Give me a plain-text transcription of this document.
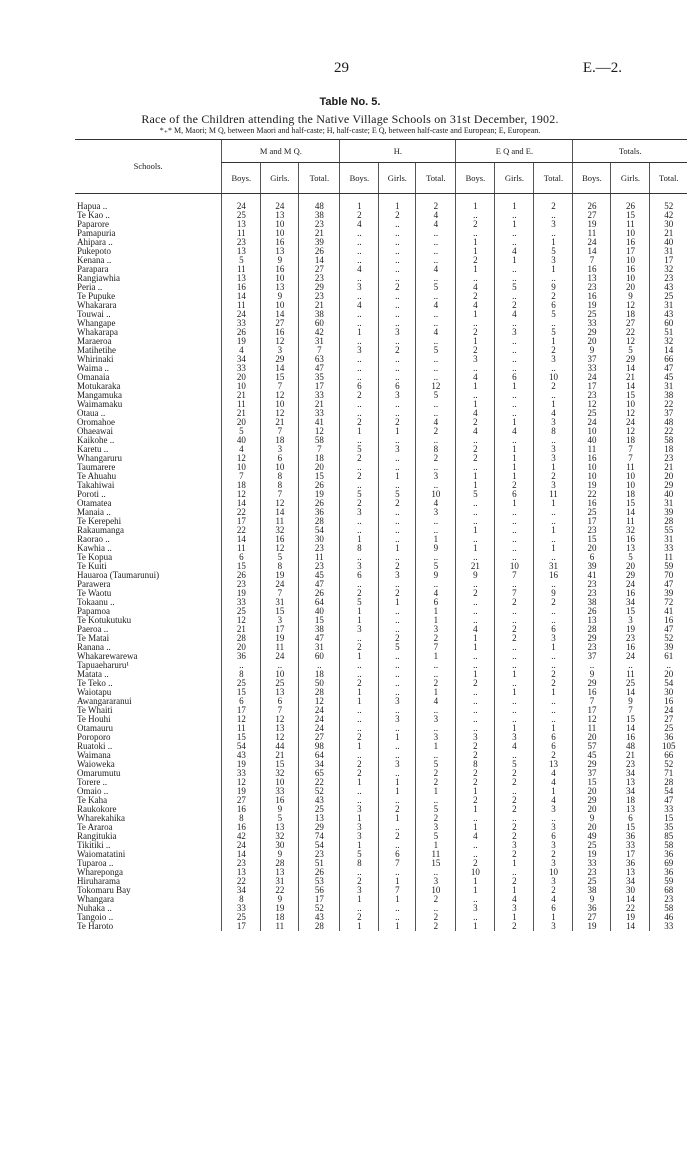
29	E.—2.
Table No. 5.
Race of the Children attending the Native Village Schools on 31st December, 1902.
*₊* M, Maori; M Q, between Maori and half-caste; H, half-caste; E Q, between half-caste and European; E, European.
Schools.	M and M Q.			H.			E Q and E.			Totals.		
	Boys.	Girls.	Total.	Boys.	Girls.	Total.	Boys.	Girls.	Total.	Boys.	Girls.	Total.

Hapua ..	24	24	48	1	1	2	1	1	2	26	26	52
Te Kao ..	25	13	38	2	2	4	..	..	..	27	15	42
Paparore	13	10	23	4	..	4	2	1	3	19	11	30
Pamapuria	11	10	21	..	..	..	..	..	..	11	10	21
Ahipara ..	23	16	39	..	..	..	1	..	1	24	16	40
Pukepoto	13	13	26	..	..	..	1	4	5	14	17	31
Kenana ..	5	9	14	..	..	..	2	1	3	7	10	17
Parapara	11	16	27	4	..	4	1	..	1	16	16	32
Rangiawhia	13	10	23	..	..	..	..	..	..	13	10	23
Peria ..	16	13	29	3	2	5	4	5	9	23	20	43
Te Pupuke	14	9	23	..	..	..	2	..	2	16	9	25
Whakarara	11	10	21	4	..	4	4	2	6	19	12	31
Touwai ..	24	14	38	..	..	..	1	4	5	25	18	43
Whangape	33	27	60	..	..	..	..	..	..	33	27	60
Whakarapa	26	16	42	1	3	4	2	3	5	29	22	51
Maraeroa	19	12	31	..	..	..	1	..	1	20	12	32
Matihetihe	4	3	7	3	2	5	2	..	2	9	5	14
Whirinaki	34	29	63	..	..	..	3	..	3	37	29	66
Waima ..	33	14	47	..	..	..	..	..	..	33	14	47
Omanaia	20	15	35	..	..	..	4	6	10	24	21	45
Motukaraka	10	7	17	6	6	12	1	1	2	17	14	31
Mangamuka	21	12	33	2	3	5	..	..	..	23	15	38
Waimamaku	11	10	21	..	..	..	1	..	1	12	10	22
Otaua ..	21	12	33	..	..	..	4	..	4	25	12	37
Oromahoe	20	21	41	2	2	4	2	1	3	24	24	48
Ohaeawai	5	7	12	1	1	2	4	4	8	10	12	22
Kaikohe ..	40	18	58	..	..	..	..	..	..	40	18	58
Karetu ..	4	3	7	5	3	8	2	1	3	11	7	18
Whangaruru	12	6	18	2	..	2	2	1	3	16	7	23
Taumarere	10	10	20	..	..	..	..	1	1	10	11	21
Te Ahuahu	7	8	15	2	1	3	1	1	2	10	10	20
Takahiwai	18	8	26	..	..	..	1	2	3	19	10	29
Poroti ..	12	7	19	5	5	10	5	6	11	22	18	40
Otamatea	14	12	26	2	2	4	..	1	1	16	15	31
Manaia ..	22	14	36	3	..	3	..	..	..	25	14	39
Te Kerepehi	17	11	28	..	..	..	..	..	..	17	11	28
Rakaumanga	22	32	54	..	..	..	1	..	1	23	32	55
Raorao ..	14	16	30	1	..	1	..	..	..	15	16	31
Kawhia ..	11	12	23	8	1	9	1	..	1	20	13	33
Te Kopua	6	5	11	..	..	..	..	..	..	6	5	11
Te Kuiti	15	8	23	3	2	5	21	10	31	39	20	59
Hauaroa (Taumarunui)	26	19	45	6	3	9	9	7	16	41	29	70
Parawera	23	24	47	..	..	..	..	..	..	23	24	47
Te Waotu	19	7	26	2	2	4	2	7	9	23	16	39
Tokaanu ..	33	31	64	5	1	6	..	2	2	38	34	72
Papamoa	25	15	40	1	..	1	..	..	..	26	15	41
Te Kotukutuku	12	3	15	1	..	1	..	..	..	13	3	16
Paeroa ..	21	17	38	3	..	3	4	2	6	28	19	47
Te Matai	28	19	47	..	2	2	1	2	3	29	23	52
Ranana ..	20	11	31	2	5	7	1	..	1	23	16	39
Whakarewarewa	36	24	60	1	..	1	..	..	..	37	24	61
Tapuaeharuru¹	..	..	..	..	..	..	..	..	..	..	..	..
Matata ..	8	10	18	..	..	..	1	1	2	9	11	20
Te Teko ..	25	25	50	2	..	2	2	..	2	29	25	54
Waiotapu	15	13	28	1	..	1	..	1	1	16	14	30
Awangararanui	6	6	12	1	3	4	..	..	..	7	9	16
Te Whaiti	17	7	24	..	..	..	..	..	..	17	7	24
Te Houhi	12	12	24	..	3	3	..	..	..	12	15	27
Otamauru	11	13	24	..	..	..	..	1	1	11	14	25
Poroporo	15	12	27	2	1	3	3	3	6	20	16	36
Ruatoki ..	54	44	98	1	..	1	2	4	6	57	48	105
Waimana	43	21	64	..	..	..	2	..	2	45	21	66
Waioweka	19	15	34	2	3	5	8	5	13	29	23	52
Omarumutu	33	32	65	2	..	2	2	2	4	37	34	71
Torere ..	12	10	22	1	1	2	2	2	4	15	13	28
Omaio ..	19	33	52	..	1	1	1	..	1	20	34	54
Te Kaha	27	16	43	..	..	..	2	2	4	29	18	47
Raukokore	16	9	25	3	2	5	1	2	3	20	13	33
Wharekahika	8	5	13	1	1	2	..	..	..	9	6	15
Te Araroa	16	13	29	3	..	3	1	2	3	20	15	35
Rangitukia	42	32	74	3	2	5	4	2	6	49	36	85
Tikitiki ..	24	30	54	1	..	1	..	3	3	25	33	58
Waiomatatini	14	9	23	5	6	11	..	2	2	19	17	36
Tuparoa ..	23	28	51	8	7	15	2	1	3	33	36	69
Whareponga	13	13	26	..	..	..	10	..	10	23	13	36
Hiruharama	22	31	53	2	1	3	1	2	3	25	34	59
Tokomaru Bay	34	22	56	3	7	10	1	1	2	38	30	68
Whangara	8	9	17	1	1	2	..	4	4	9	14	23
Nuhaka ..	33	19	52	..	..	..	3	3	6	36	22	58
Tangoio ..	25	18	43	2	..	2	..	1	1	27	19	46
Te Haroto	17	11	28	1	1	2	1	2	3	19	14	33
